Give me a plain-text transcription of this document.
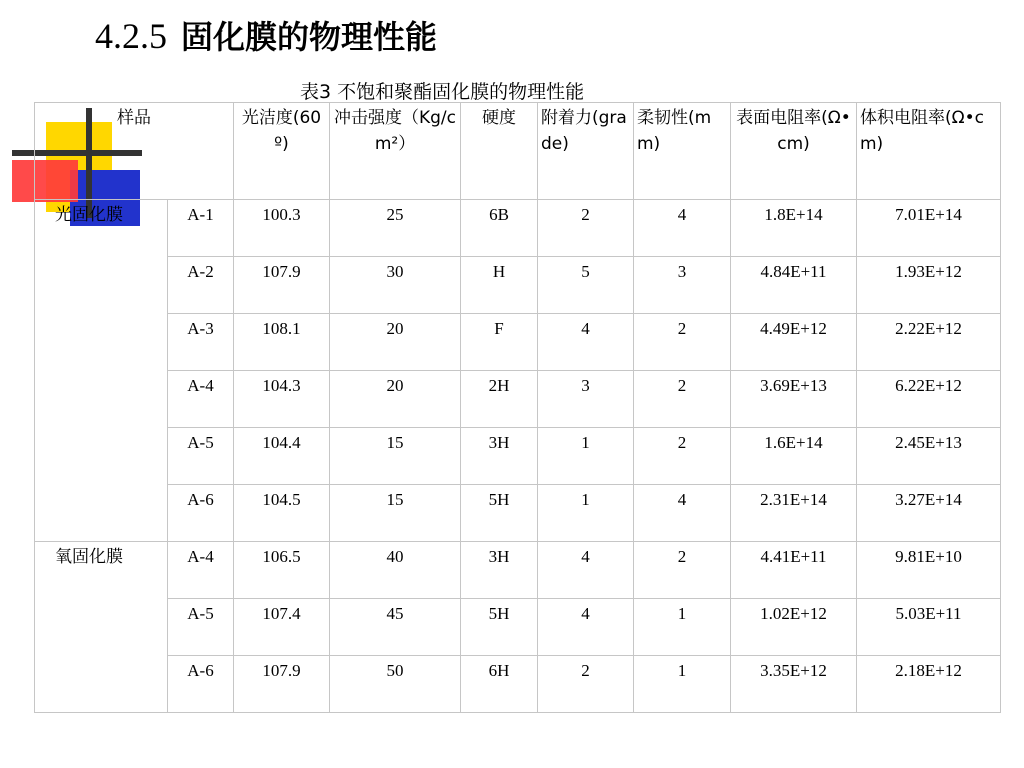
4.2.5 固化膜的物理性能
表3 不饱和聚酯固化膜的物理性能
样品		光洁度(60º)	冲击强度（Kg/cm²）	硬度	附着力(grade)	柔韧性(mm)	表面电阻率(Ω•cm)	体积电阻率(Ω•cm)
光固化膜	A-1	100.3	25	6B	2	4	1.8E+14	7.01E+14
	A-2	107.9	30	H	5	3	4.84E+11	1.93E+12
	A-3	108.1	20	F	4	2	4.49E+12	2.22E+12
	A-4	104.3	20	2H	3	2	3.69E+13	6.22E+12
	A-5	104.4	15	3H	1	2	1.6E+14	2.45E+13
	A-6	104.5	15	5H	1	4	2.31E+14	3.27E+14
氧固化膜	A-4	106.5	40	3H	4	2	4.41E+11	9.81E+10
	A-5	107.4	45	5H	4	1	1.02E+12	5.03E+11
	A-6	107.9	50	6H	2	1	3.35E+12	2.18E+12
